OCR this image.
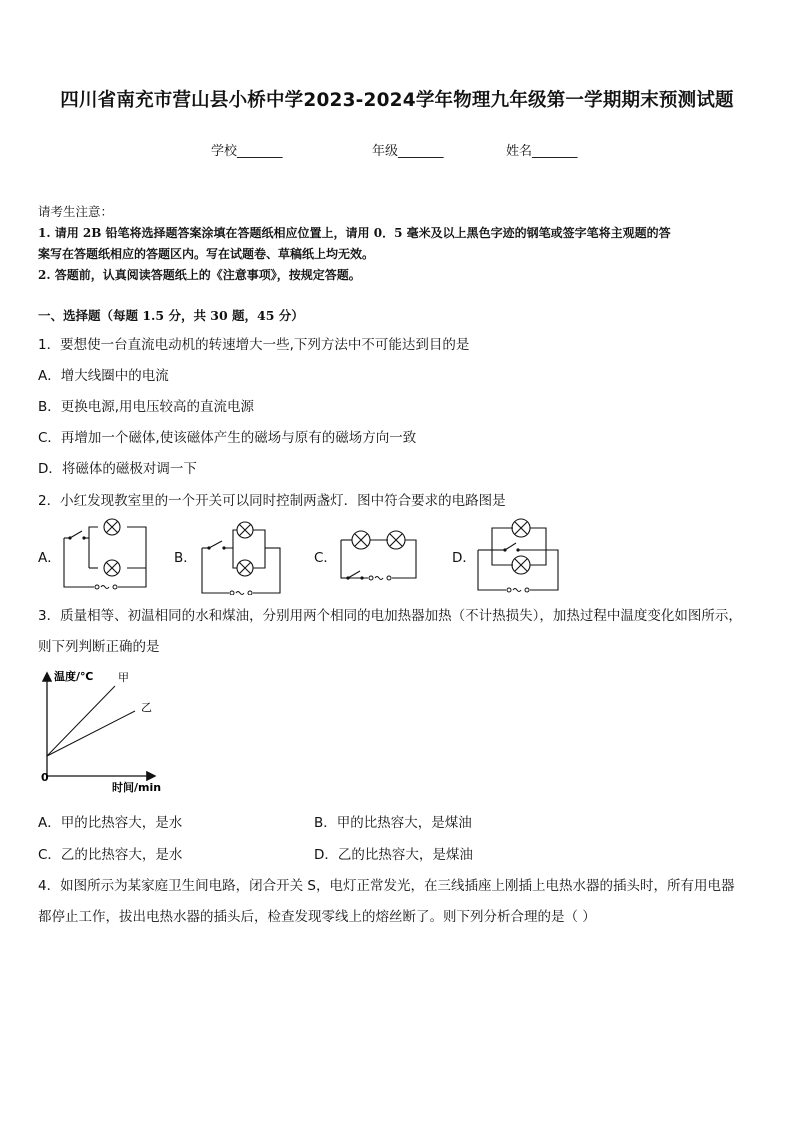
四川省南充市营山县小桥中学2023-2024学年物理九年级第一学期期末预测试题
学校_______	年级_______	姓名_______
请考生注意：
1. 请用 2B 铅笔将选择题答案涂填在答题纸相应位置上，请用 0．5 毫米及以上黑色字迹的钢笔或签字笔将主观题的答
案写在答题纸相应的答题区内。写在试题卷、草稿纸上均无效。
2. 答题前，认真阅读答题纸上的《注意事项》，按规定答题。
一、选择题（每题 1.5 分，共 30 题，45 分）
1．要想使一台直流电动机的转速增大一些,下列方法中不可能达到目的是
A．增大线圈中的电流
B．更换电源,用电压较高的直流电源
C．再增加一个磁体,使该磁体产生的磁场与原有的磁场方向一致
D．将磁体的磁极对调一下
2．小红发现教室里的一个开关可以同时控制两盏灯．图中符合要求的电路图是
A．	B．	C．	D．
3．质量相等、初温相同的水和煤油，分别用两个相同的电加热器加热（不计热损失），加热过程中温度变化如图所示，
则下列判断正确的是
温度/℃ 甲
乙
0
时间/min
A．甲的比热容大，是水	B．甲的比热容大，是煤油
C．乙的比热容大，是水	D．乙的比热容大，是煤油
4．如图所示为某家庭卫生间电路，闭合开关 S，电灯正常发光，在三线插座上刚插上电热水器的插头时，所有用电器
都停止工作，拔出电热水器的插头后，检查发现零线上的熔丝断了。则下列分析合理的是（ ）
